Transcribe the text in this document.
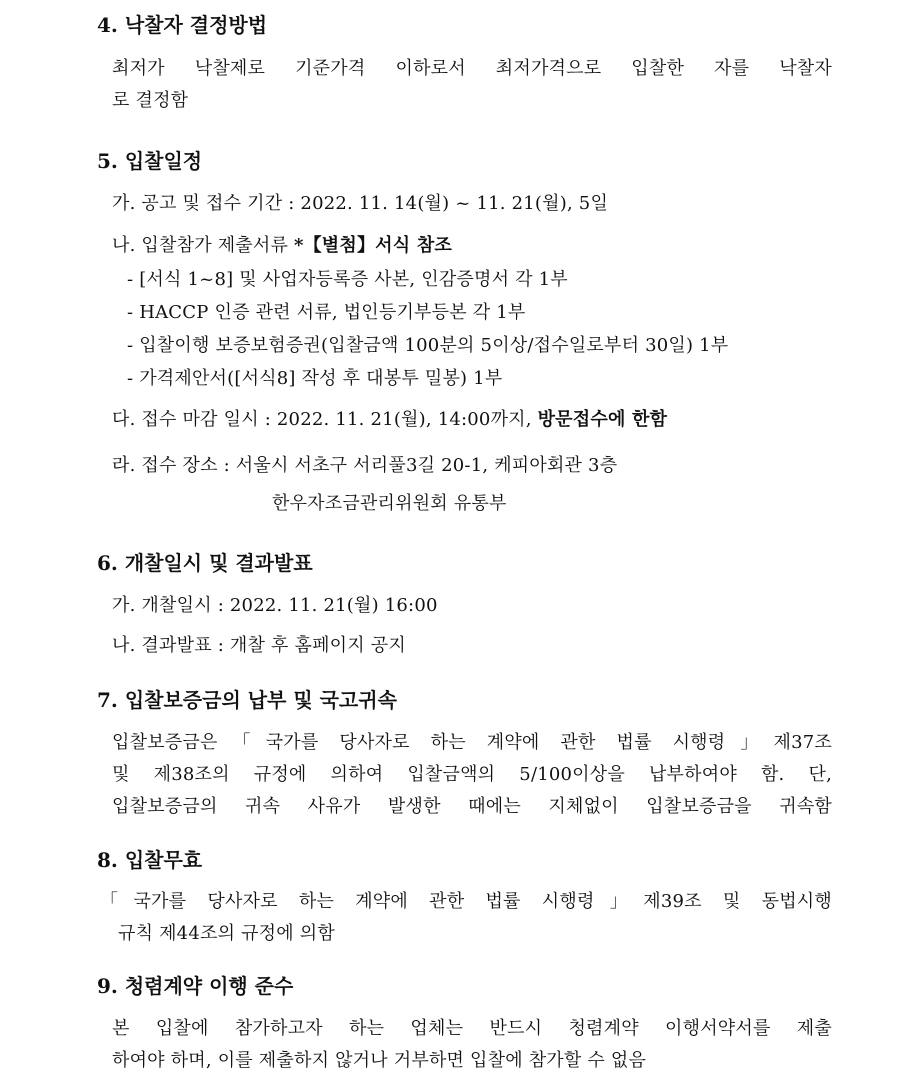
4. 낙찰자 결정방법
최저가 낙찰제로 기준가격 이하로서 최저가격으로 입찰한 자를 낙찰자
로 결정함
5. 입찰일정
가. 공고 및 접수 기간 : 2022. 11. 14(월) ~ 11. 21(월), 5일
나. 입찰참가 제출서류 *【별첨】서식 참조
- [서식 1~8] 및 사업자등록증 사본, 인감증명서 각 1부
- HACCP 인증 관련 서류, 법인등기부등본 각 1부
- 입찰이행 보증보험증권(입찰금액 100분의 5이상/접수일로부터 30일) 1부
- 가격제안서([서식8] 작성 후 대봉투 밀봉) 1부
다. 접수 마감 일시 : 2022. 11. 21(월), 14:00까지, 방문접수에 한함
라. 접수 장소 : 서울시 서초구 서리풀3길 20-1, 케피아회관 3층
한우자조금관리위원회 유통부
6. 개찰일시 및 결과발표
가. 개찰일시 : 2022. 11. 21(월) 16:00
나. 결과발표 : 개찰 후 홈페이지 공지
7. 입찰보증금의 납부 및 국고귀속
입찰보증금은「국가를 당사자로 하는 계약에 관한 법률 시행령」제37조
및 제38조의 규정에 의하여 입찰금액의 5/100이상을 납부하여야 함. 단,
입찰보증금의 귀속 사유가 발생한 때에는 지체없이 입찰보증금을 귀속함
8. 입찰무효
「국가를 당사자로 하는 계약에 관한 법률 시행령」제39조 및 동법시행
규칙 제44조의 규정에 의함
9. 청렴계약 이행 준수
본 입찰에 참가하고자 하는 업체는 반드시 청렴계약 이행서약서를 제출
하여야 하며, 이를 제출하지 않거나 거부하면 입찰에 참가할 수 없음
